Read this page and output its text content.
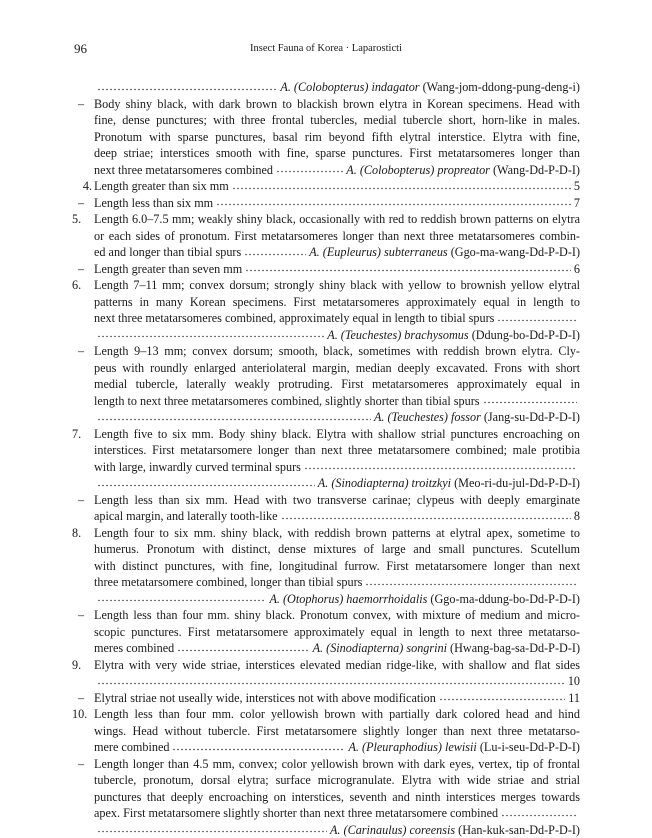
96	Insect Fauna of Korea · Laparosticti
A. (Colobopterus) indagator (Wang-jom-ddong-pung-deng-i)
– Body shiny black, with dark brown to blackish brown elytra in Korean specimens. Head with
fine, dense punctures; with three frontal tubercles, medial tubercle short, horn-like in males.
Pronotum with sparse punctures, basal rim beyond fifth elytral interstice. Elytra with fine,
deep striae; interstices smooth with fine, sparse punctures. First metatarsomeres longer than
next three metatarsomeres combined	A. (Colobopterus) propreator (Wang-Dd-P-D-I)
4. Length greater than six mm	5
– Length less than six mm	7
5.	Length 6.0–7.5 mm; weakly shiny black, occasionally with red to reddish brown patterns on elytra
or each sides of pronotum. First metatarsomeres longer than next three metatarsomeres combin-
ed and longer than tibial spurs	A. (Eupleurus) subterraneus (Ggo-ma-wang-Dd-P-D-I)
– Length greater than seven mm	6
6.	Length 7–11 mm; convex dorsum; strongly shiny black with yellow to brownish yellow elytral
patterns in many Korean specimens. First metatarsomeres approximately equal in length to
next three metatarsomeres combined, approximately equal in length to tibial spurs
A. (Teuchestes) brachysomus (Ddung-bo-Dd-P-D-I)
– Length 9–13 mm; convex dorsum; smooth, black, sometimes with reddish brown elytra. Cly-
peus with roundly enlarged anteriolateral margin, median deeply excavated. Frons with short
medial tubercle, laterally weakly protruding. First metatarsomeres approximately equal in
length to next three metatarsomeres combined, slightly shorter than tibial spurs
A. (Teuchestes) fossor (Jang-su-Dd-P-D-I)
7.	Length five to six mm. Body shiny black. Elytra with shallow strial punctures encroaching on
interstices. First metatarsomere longer than next three metatarsomere combined; male protibia
with large, inwardly curved terminal spurs
A. (Sinodiapterna) troitzkyi (Meo-ri-du-jul-Dd-P-D-I)
– Length less than six mm. Head with two transverse carinae; clypeus with deeply emarginate
apical margin, and laterally tooth-like	8
8.	Length four to six mm. shiny black, with reddish brown patterns at elytral apex, sometime to
humerus. Pronotum with distinct, dense mixtures of large and small punctures. Scutellum
with distinct punctures, with fine, longitudinal furrow. First metatarsomere longer than next
three metatarsomere combined, longer than tibial spurs
A. (Otophorus) haemorrhoidalis (Ggo-ma-ddung-bo-Dd-P-D-I)
– Length less than four mm. shiny black. Pronotum convex, with mixture of medium and micro-
scopic punctures. First metatarsomere approximately equal in length to next three metatarso-
meres combined	A. (Sinodiapterna) songrini (Hwang-bag-sa-Dd-P-D-I)
9.	Elytra with very wide striae, interstices elevated median ridge-like, with shallow and flat sides
10
– Elytral striae not useally wide, interstices not with above modification	11
10. Length less than four mm. color yellowish brown with partially dark colored head and hind
wings. Head without tubercle. First metatarsomere slightly longer than next three metatarso-
mere combined	A. (Pleuraphodius) lewisii (Lu-i-seu-Dd-P-D-I)
– Length longer than 4.5 mm, convex; color yellowish brown with dark eyes, vertex, tip of frontal
tubercle, pronotum, dorsal elytra; surface microgranulate. Elytra with wide striae and strial
punctures that deeply encroaching on interstices, seventh and ninth interstices merges towards
apex. First metatarsomere slightly shorter than next three metatarsomere combined
A. (Carinaulus) coreensis (Han-kuk-san-Dd-P-D-I)
